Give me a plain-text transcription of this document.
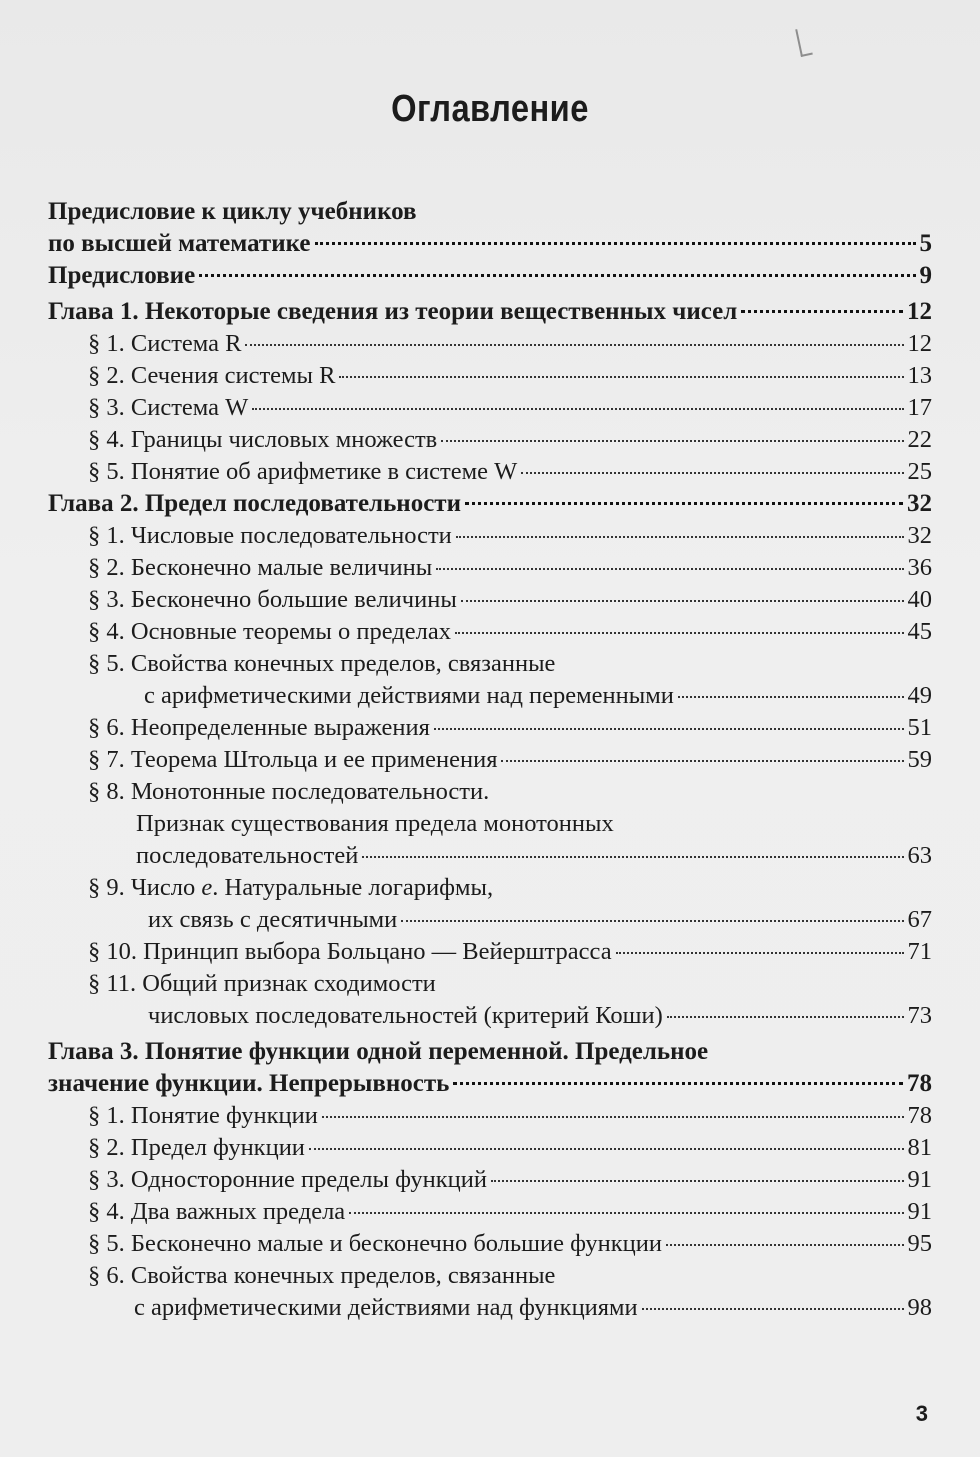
Оглавление
Предисловие к циклу учебников
по высшей математике	5
Предисловие	9
Глава 1. Некоторые сведения из теории вещественных чисел	12
§ 1. Система R	12
§ 2. Сечения системы R	13
§ 3. Система W	17
§ 4. Границы числовых множеств	22
§ 5. Понятие об арифметике в системе W	25
Глава 2. Предел последовательности	32
§ 1. Числовые последовательности	32
§ 2. Бесконечно малые величины	36
§ 3. Бесконечно большие величины	40
§ 4. Основные теоремы о пределах	45
§ 5. Свойства конечных пределов, связанные
с арифметическими действиями над переменными	49
§ 6. Неопределенные выражения	51
§ 7. Теорема Штольца и ее применения	59
§ 8. Монотонные последовательности.
Признак существования предела монотонных
последовательностей	63
§ 9. Число e. Натуральные логарифмы,
их связь с десятичными	67
§ 10. Принцип выбора Больцано — Вейерштрасса	71
§ 11. Общий признак сходимости
числовых последовательностей (критерий Коши)	73
Глава 3. Понятие функции одной переменной. Предельное
значение функции. Непрерывность	78
§ 1. Понятие функции	78
§ 2. Предел функции	81
§ 3. Односторонние пределы функций	91
§ 4. Два важных предела	91
§ 5. Бесконечно малые и бесконечно большие функции	95
§ 6. Свойства конечных пределов, связанные
с арифметическими действиями над функциями	98
3
